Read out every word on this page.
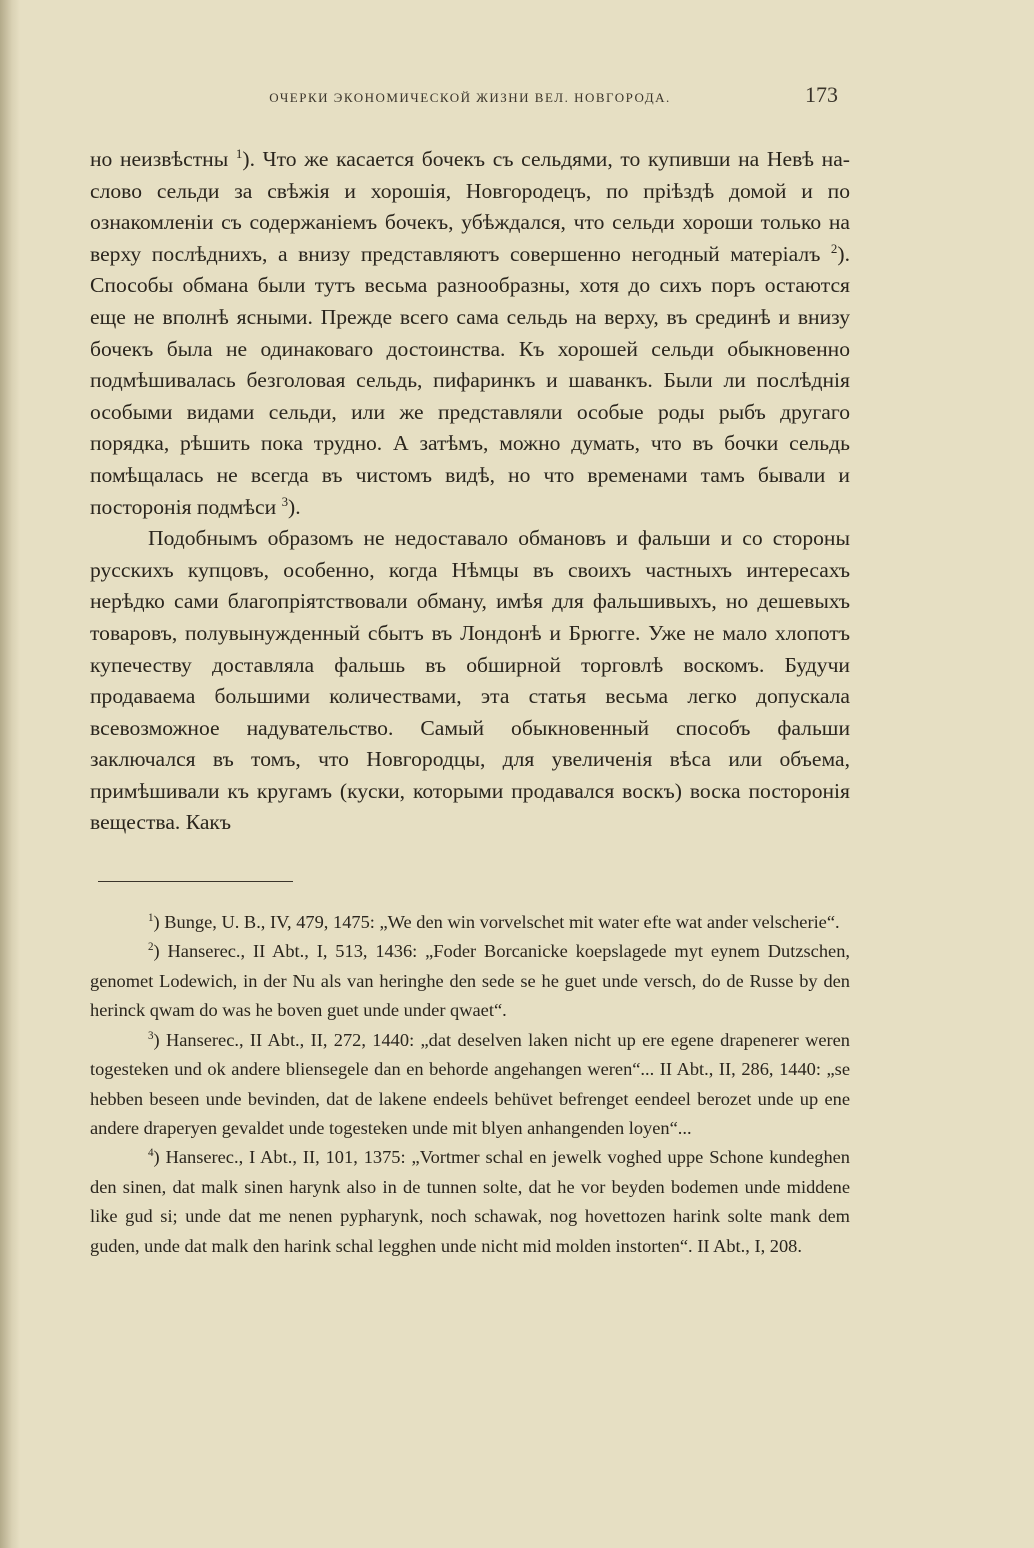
ОЧЕРКИ ЭКОНОМИЧЕСКОЙ ЖИЗНИ ВЕЛ. НОВГОРОДА.	173

но неизвѣстны $^1$). Что же касается бочекъ съ сельдями, то купивши на Невѣ на-слово сельди за свѣжія и хорошія, Новгородецъ, по пріѣздѣ домой и по ознакомленіи съ содержаніемъ бочекъ, убѣждался, что сельди хороши только на верху послѣднихъ, а внизу представляютъ совершенно негодный матеріалъ $^2$). Способы обмана были тутъ весьма разнообразны, хотя до сихъ поръ остаются еще не вполнѣ ясными. Прежде всего сама сельдь на верху, въ срединѣ и внизу бочекъ была не одинаковаго достоинства. Къ хорошей сельди обыкновенно подмѣшивалась безголовая сельдь, пифаринкъ и шаванкъ. Были ли послѣднія особыми видами сельди, или же представляли особые роды рыбъ другаго порядка, рѣшить пока трудно. А затѣмъ, можно думать, что въ бочки сельдь помѣщалась не всегда въ чистомъ видѣ, но что временами тамъ бывали и посторонія подмѣси $^3$).

Подобнымъ образомъ не недоставало обмановъ и фальши и со стороны русскихъ купцовъ, особенно, когда Нѣмцы въ своихъ частныхъ интересахъ нерѣдко сами благопріятствовали обману, имѣя для фальшивыхъ, но дешевыхъ товаровъ, полувынужденный сбытъ въ Лондонѣ и Брюгге. Уже не мало хлопотъ купечеству доставляла фальшь въ обширной торговлѣ воскомъ. Будучи продаваема большими количествами, эта статья весьма легко допускала всевозможное надувательство. Самый обыкновенный способъ фальши заключался въ томъ, что Новгородцы, для увеличенія вѣса или объема, примѣшивали къ кругамъ (куски, которыми продавался воскъ) воска посторонія вещества. Какъ

$^1$) Bunge, U. B., IV, 479, 1475: „We den win vorvelschet mit water efte wat ander velscherie“.

$^2$) Hanserec., II Abt., I, 513, 1436: „Foder Borcanicke koepslagede myt eynem Dutzschen, genomet Lodewich, in der Nu als van heringhe den sede se he guet unde versch, do de Russe by den herinck qwam do was he boven guet unde under qwaet“.

$^3$) Hanserec., II Abt., II, 272, 1440: „dat deselven laken nicht up ere egene drapenerer weren togesteken und ok andere bliensegele dan en behorde angehangen weren“... II Abt., II, 286, 1440: „se hebben beseen unde bevinden, dat de lakene endeels behüvet befrenget eendeel berozet unde up ene andere draperyen gevaldet unde togesteken unde mit blyen anhangenden loyen“...

$^4$) Hanserec., I Abt., II, 101, 1375: „Vortmer schal en jewelk voghed uppe Schone kundeghen den sinen, dat malk sinen harynk also in de tunnen solte, dat he vor beyden bodemen unde middene like gud si; unde dat me nenen pypharynk, noch schawak, nog hovettozen harink solte mank dem guden, unde dat malk den harink schal legghen unde nicht mid molden instorten“. II Abt., I, 208.
